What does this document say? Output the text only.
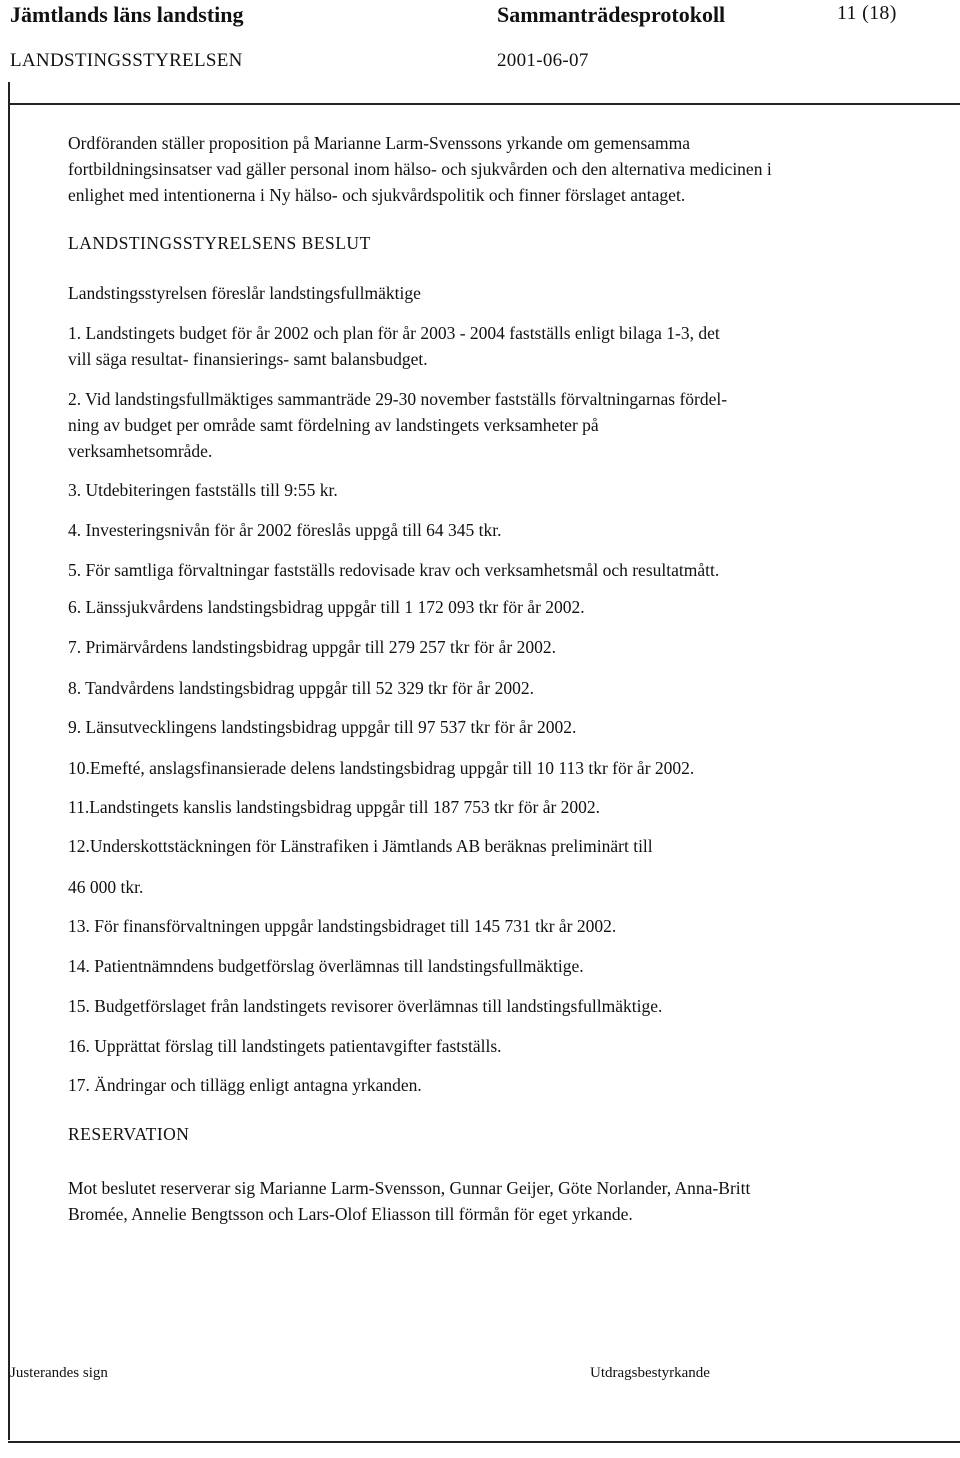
Jämtlands läns landsting	Sammanträdesprotokoll	11 (18)
LANDSTINGSSTYRELSEN	2001-06-07
Ordföranden ställer proposition på Marianne Larm-Svenssons yrkande om gemensamma
fortbildningsinsatser vad gäller personal inom hälso- och sjukvården och den alternativa medicinen i
enlighet med intentionerna i Ny hälso- och sjukvårdspolitik och finner förslaget antaget.
LANDSTINGSSTYRELSENS BESLUT
Landstingsstyrelsen föreslår landstingsfullmäktige
1. Landstingets budget för år 2002 och plan för år 2003 - 2004 fastställs enligt bilaga 1-3, det
vill säga resultat- finansierings- samt balansbudget.
2. Vid landstingsfullmäktiges sammanträde 29-30 november fastställs förvaltningarnas fördel-
ning av budget per område samt fördelning av landstingets verksamheter på
verksamhetsområde.
3. Utdebiteringen fastställs till 9:55 kr.
4. Investeringsnivån för år 2002 föreslås uppgå till 64 345 tkr.
5. För samtliga förvaltningar fastställs redovisade krav och verksamhetsmål och resultatmått.
6. Länssjukvårdens landstingsbidrag uppgår till 1 172 093 tkr för år 2002.
7. Primärvårdens landstingsbidrag uppgår till 279 257 tkr för år 2002.
8. Tandvårdens landstingsbidrag uppgår till 52 329 tkr för år 2002.
9. Länsutvecklingens landstingsbidrag uppgår till 97 537 tkr för år 2002.
10.Emefté, anslagsfinansierade delens landstingsbidrag uppgår till 10 113 tkr för år 2002.
11.Landstingets kanslis landstingsbidrag uppgår till 187 753 tkr för år 2002.
12.Underskottstäckningen för Länstrafiken i Jämtlands AB beräknas preliminärt till
46 000 tkr.
13. För finansförvaltningen uppgår landstingsbidraget till 145 731 tkr år 2002.
14. Patientnämndens budgetförslag överlämnas till landstingsfullmäktige.
15. Budgetförslaget från landstingets revisorer överlämnas till landstingsfullmäktige.
16. Upprättat förslag till landstingets patientavgifter fastställs.
17. Ändringar och tillägg enligt antagna yrkanden.
RESERVATION
Mot beslutet reserverar sig Marianne Larm-Svensson, Gunnar Geijer, Göte Norlander, Anna-Britt
Bromée, Annelie Bengtsson och Lars-Olof Eliasson till förmån för eget yrkande.
Justerandes sign	Utdragsbestyrkande
